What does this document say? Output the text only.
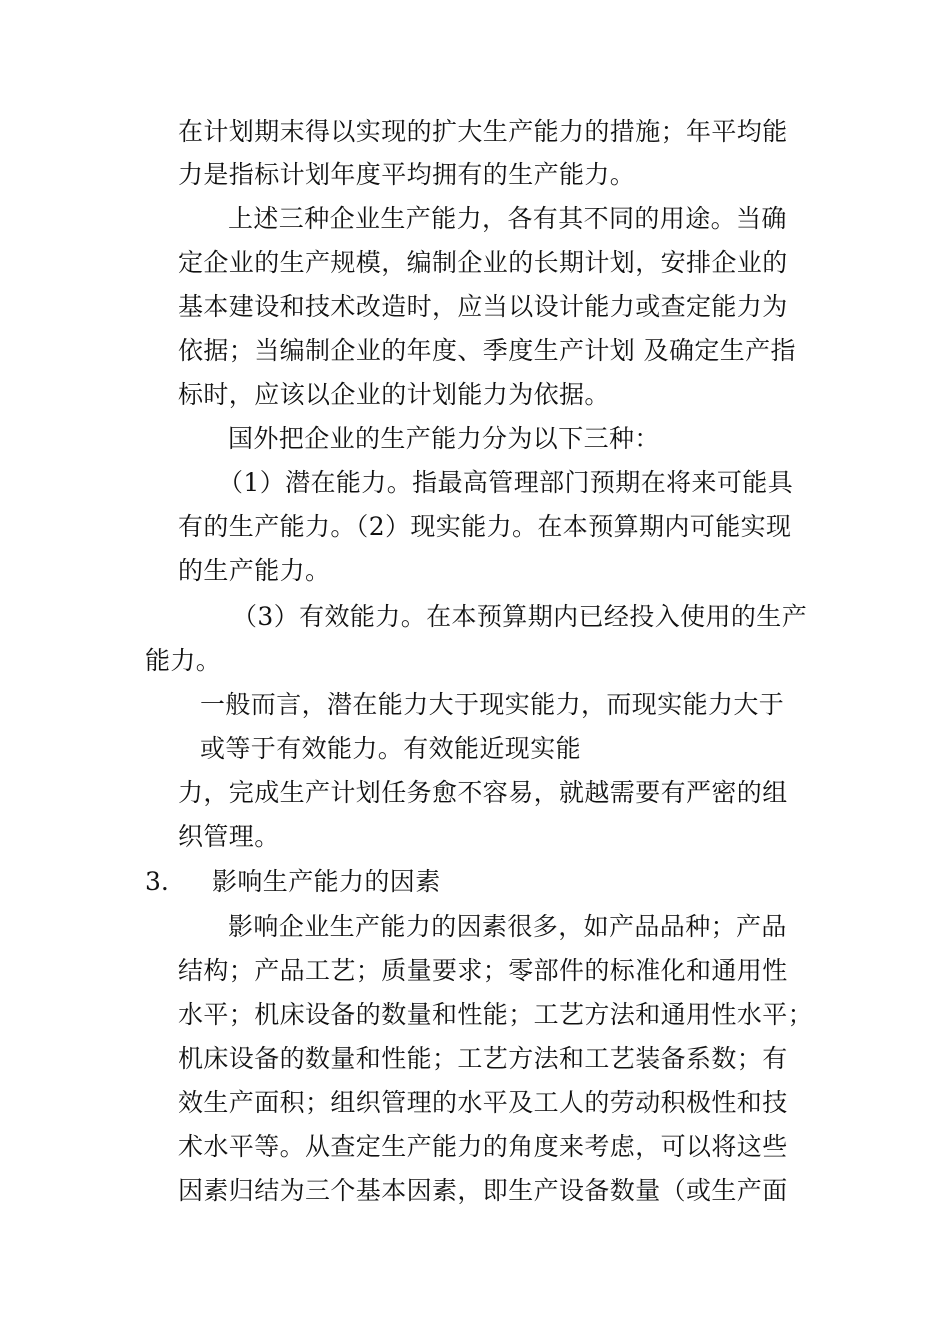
在计划期末得以实现的扩大生产能力的措施；年平均能
力是指标计划年度平均拥有的生产能力。
上述三种企业生产能力，各有其不同的用途。当确
定企业的生产规模，编制企业的长期计划，安排企业的
基本建设和技术改造时，应当以设计能力或查定能力为
依据；当编制企业的年度、季度生产计划 及确定生产指
标时，应该以企业的计划能力为依据。
国外把企业的生产能力分为以下三种：
（1）潜在能力。指最高管理部门预期在将来可能具
有的生产能力。（2）现实能力。在本预算期内可能实现
的生产能力。
（3）有效能力。在本预算期内已经投入使用的生产
能力。
一般而言，潜在能力大于现实能力，而现实能力大于
或等于有效能力。有效能近现实能
力，完成生产计划任务愈不容易，就越需要有严密的组
织管理。
3. 影响生产能力的因素
影响企业生产能力的因素很多，如产品品种；产品
结构；产品工艺；质量要求；零部件的标准化和通用性
水平；机床设备的数量和性能；工艺方法和通用性水平；
机床设备的数量和性能；工艺方法和工艺装备系数；有
效生产面积；组织管理的水平及工人的劳动积极性和技
术水平等。从查定生产能力的角度来考虑，可以将这些
因素归结为三个基本因素，即生产设备数量（或生产面
